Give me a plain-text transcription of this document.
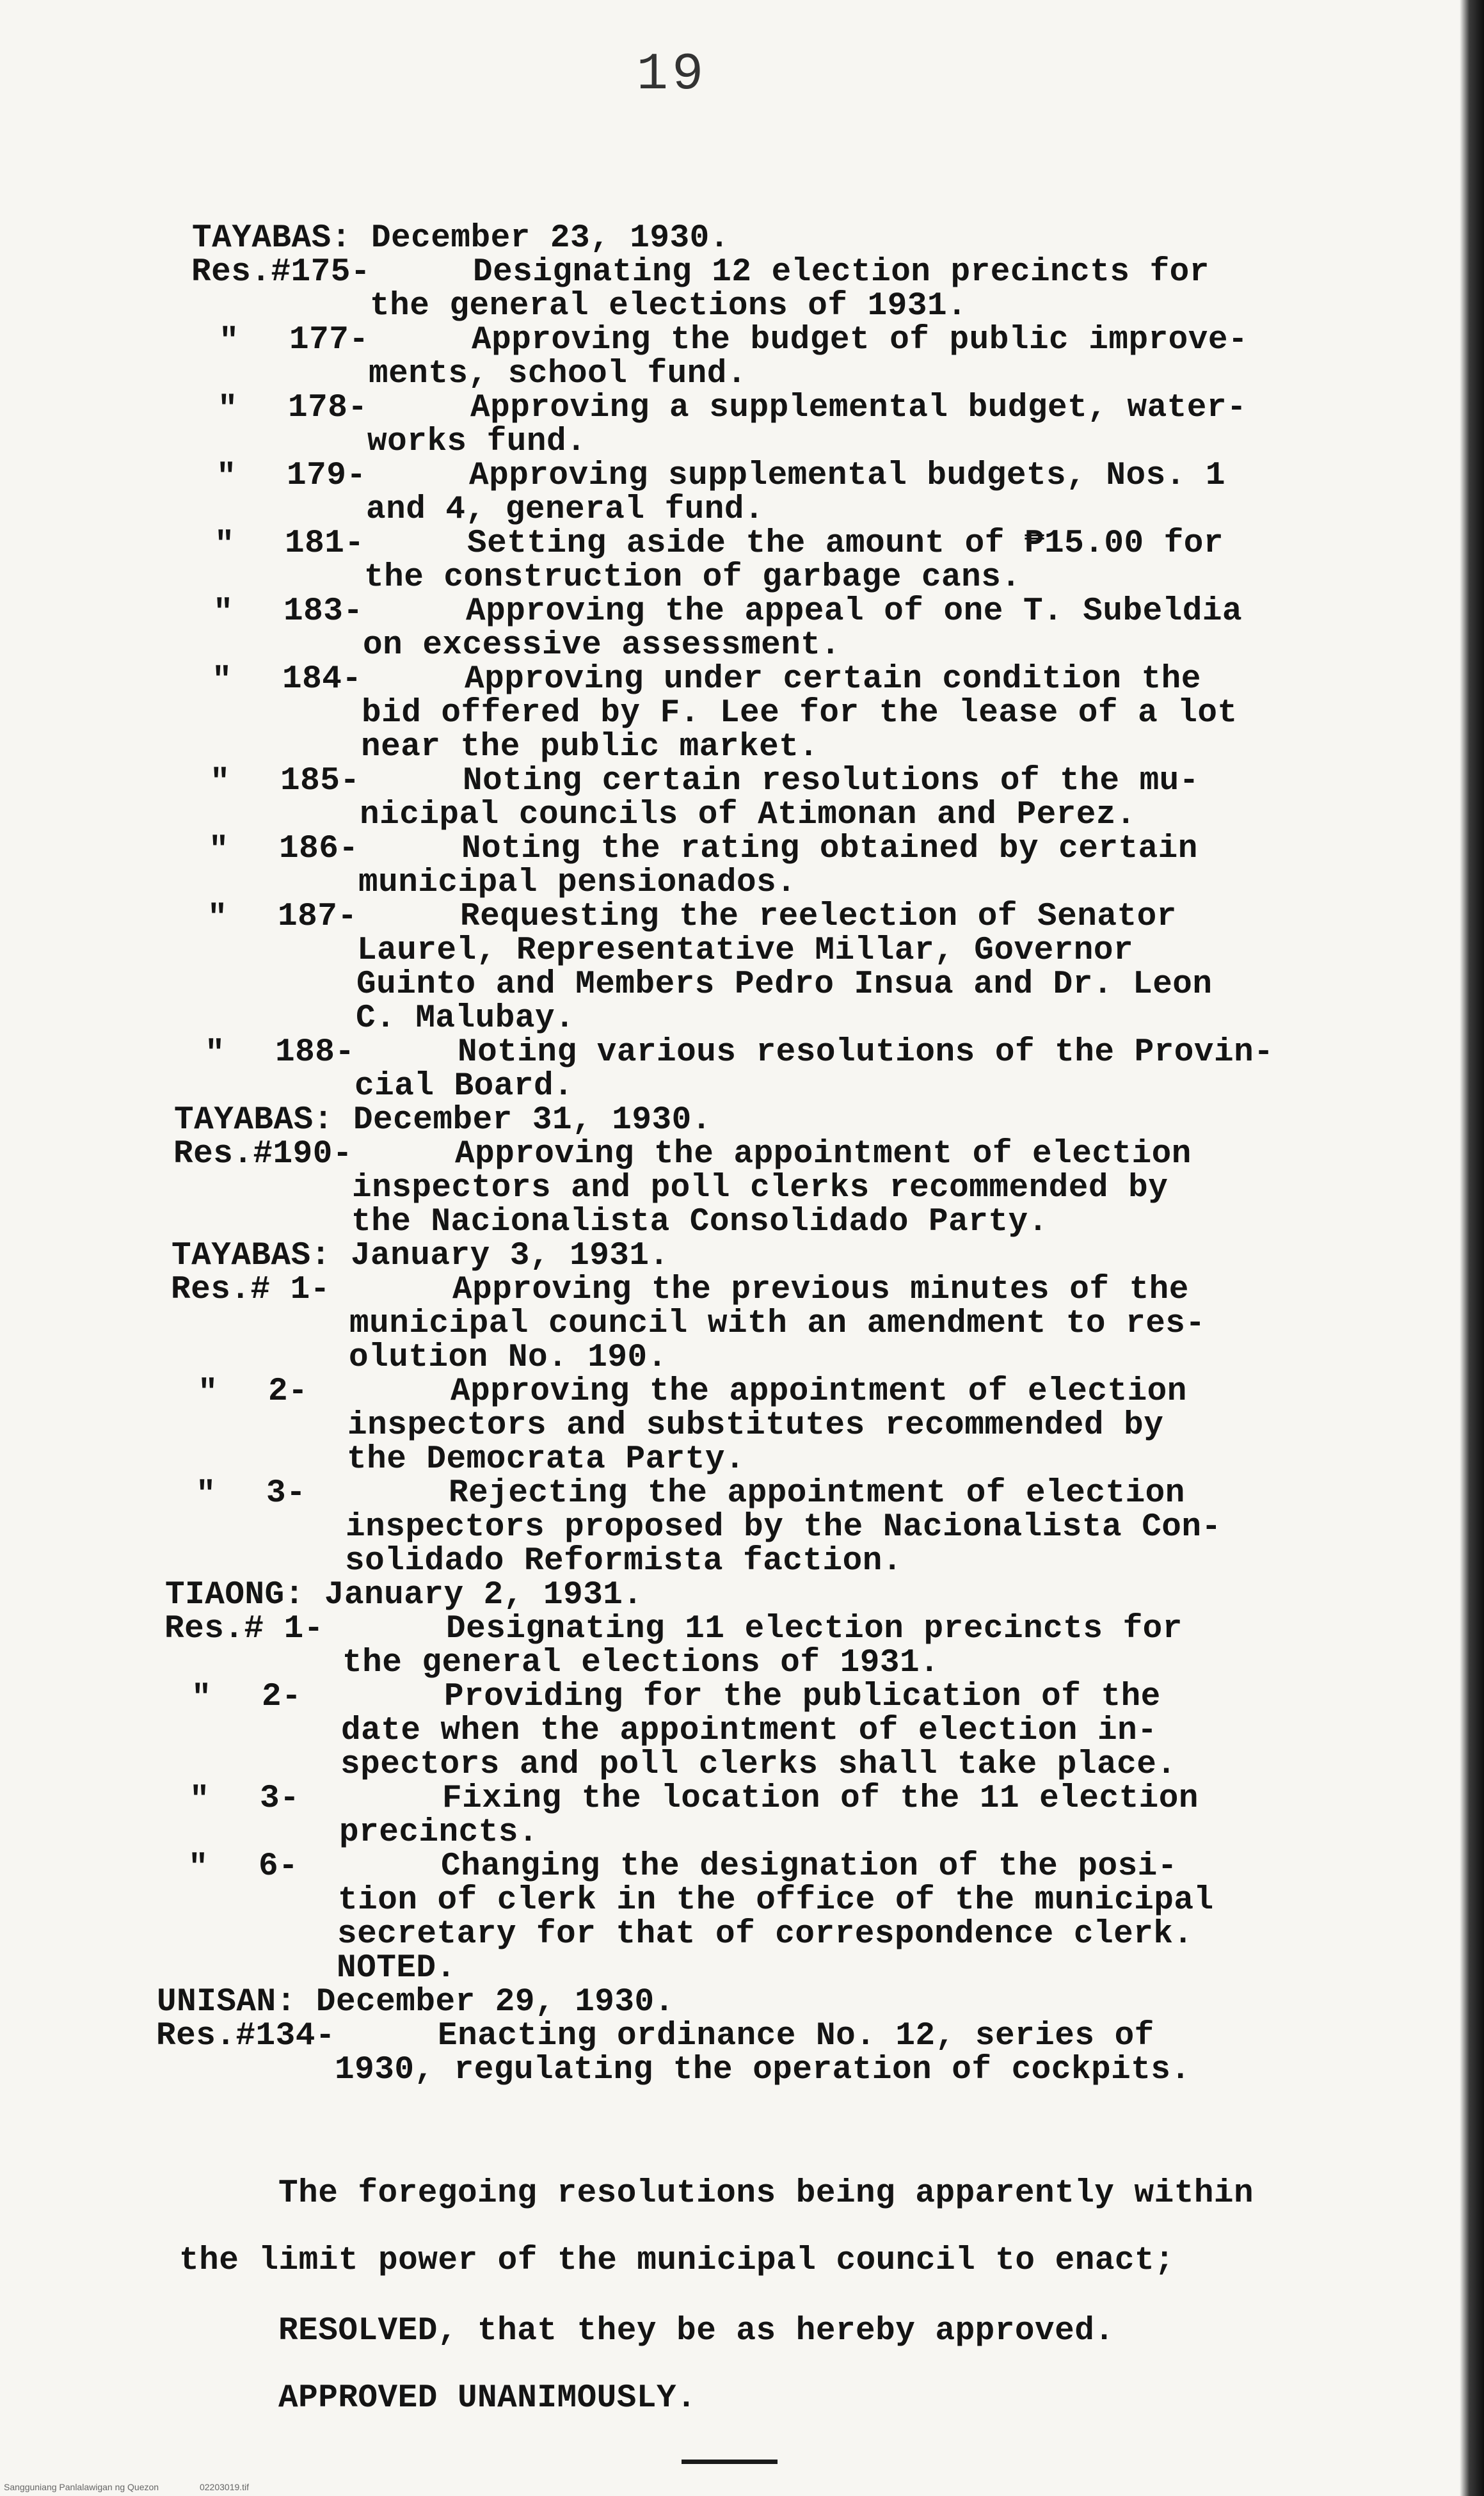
19
TAYABAS: December 23, 1930.
Res.#175-	Designating 12 election precincts for
the general elections of 1931.
" 177-	Approving the budget of public improve-
ments, school fund.
" 178-	Approving a supplemental budget, water-
works fund.
" 179-	Approving supplemental budgets, Nos. 1
and 4, general fund.
" 181-	Setting aside the amount of ₱15.00 for
the construction of garbage cans.
" 183-	Approving the appeal of one T. Subeldia
on excessive assessment.
" 184-	Approving under certain condition the
bid offered by F. Lee for the lease of a lot
near the public market.
" 185-	Noting certain resolutions of the mu-
nicipal councils of Atimonan and Perez.
" 186-	Noting the rating obtained by certain
municipal pensionados.
" 187-	Requesting the reelection of Senator
Laurel, Representative Millar, Governor
Guinto and Members Pedro Insua and Dr. Leon
C. Malubay.
" 188-	Noting various resolutions of the Provin-
cial Board.
TAYABAS: December 31, 1930.
Res.#190-	Approving the appointment of election
inspectors and poll clerks recommended by
the Nacionalista Consolidado Party.
TAYABAS: January 3, 1931.
Res.# 1-	Approving the previous minutes of the
municipal council with an amendment to res-
olution No. 190.
" 2-	Approving the appointment of election
inspectors and substitutes recommended by
the Democrata Party.
" 3-	Rejecting the appointment of election
inspectors proposed by the Nacionalista Con-
solidado Reformista faction.
TIAONG: January 2, 1931.
Res.# 1-	Designating 11 election precincts for
the general elections of 1931.
" 2-	Providing for the publication of the
date when the appointment of election in-
spectors and poll clerks shall take place.
" 3-	Fixing the location of the 11 election
precincts.
" 6-	Changing the designation of the posi-
tion of clerk in the office of the municipal
secretary for that of correspondence clerk.
NOTED.
UNISAN: December 29, 1930.
Res.#134-	Enacting ordinance No. 12, series of
1930, regulating the operation of cockpits.
The foregoing resolutions being apparently within
the limit power of the municipal council to enact;
RESOLVED, that they be as hereby approved.
APPROVED UNANIMOUSLY.
Sangguniang Panlalawigan ng Quezon	02203019.tif
